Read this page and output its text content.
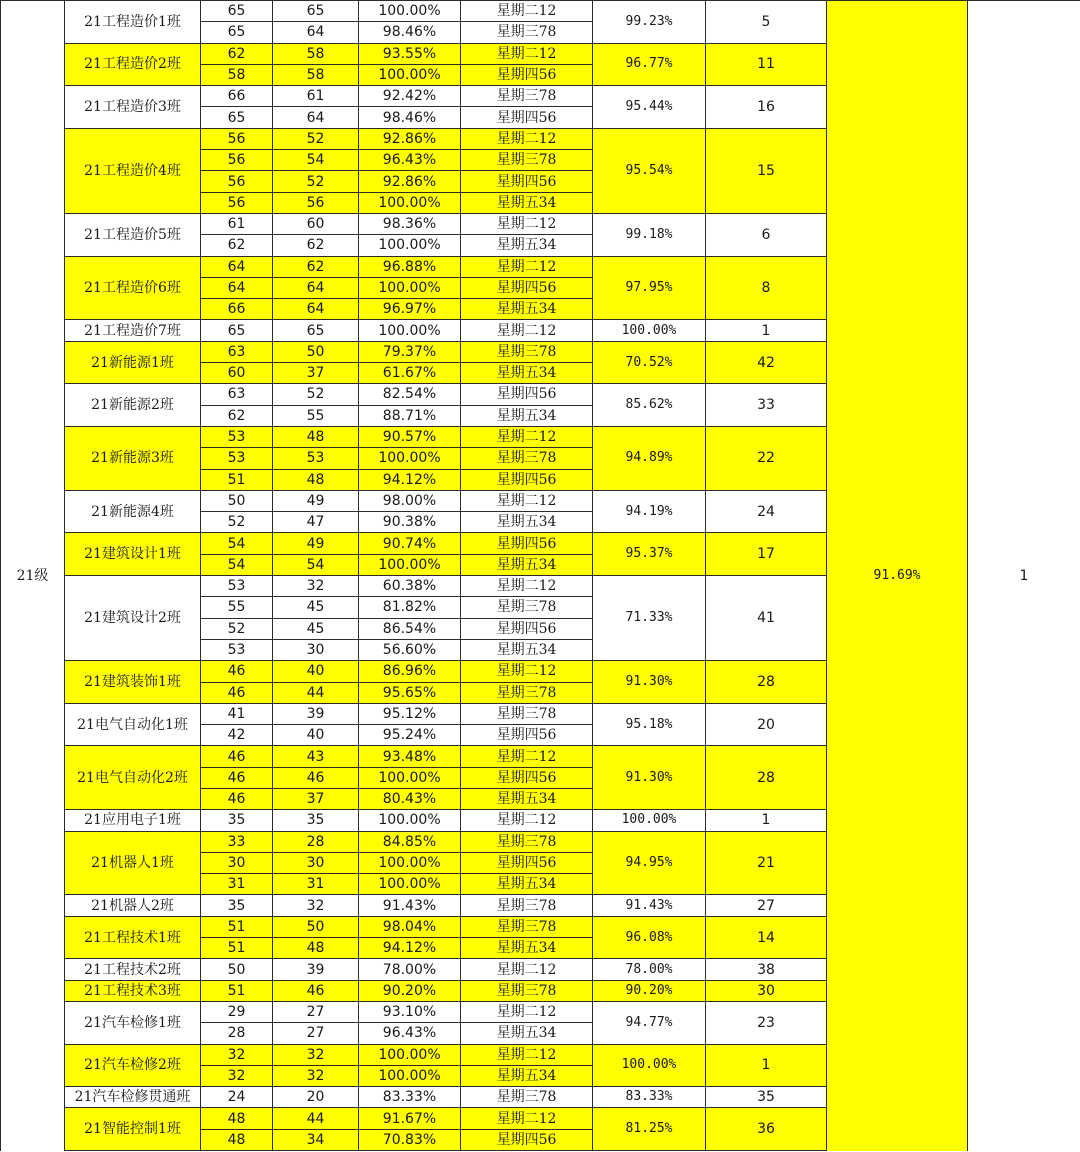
21级	21工程造价1班	65	65	100.00%	星期二12	99.23%	5	91.69%	1
		65	64	98.46%	星期三78				
	21工程造价2班	62	58	93.55%	星期二12	96.77%	11		
		58	58	100.00%	星期四56				
	21工程造价3班	66	61	92.42%	星期三78	95.44%	16		
		65	64	98.46%	星期四56				
	21工程造价4班	56	52	92.86%	星期二12	95.54%	15		
		56	54	96.43%	星期三78				
		56	52	92.86%	星期四56				
		56	56	100.00%	星期五34				
	21工程造价5班	61	60	98.36%	星期二12	99.18%	6		
		62	62	100.00%	星期五34				
	21工程造价6班	64	62	96.88%	星期二12	97.95%	8		
		64	64	100.00%	星期四56				
		66	64	96.97%	星期五34				
	21工程造价7班	65	65	100.00%	星期二12	100.00%	1		
	21新能源1班	63	50	79.37%	星期三78	70.52%	42		
		60	37	61.67%	星期五34				
	21新能源2班	63	52	82.54%	星期四56	85.62%	33		
		62	55	88.71%	星期五34				
	21新能源3班	53	48	90.57%	星期二12	94.89%	22		
		53	53	100.00%	星期三78				
		51	48	94.12%	星期四56				
	21新能源4班	50	49	98.00%	星期二12	94.19%	24		
		52	47	90.38%	星期五34				
	21建筑设计1班	54	49	90.74%	星期四56	95.37%	17		
		54	54	100.00%	星期五34				
	21建筑设计2班	53	32	60.38%	星期二12	71.33%	41		
		55	45	81.82%	星期三78				
		52	45	86.54%	星期四56				
		53	30	56.60%	星期五34				
	21建筑装饰1班	46	40	86.96%	星期二12	91.30%	28		
		46	44	95.65%	星期三78				
	21电气自动化1班	41	39	95.12%	星期三78	95.18%	20		
		42	40	95.24%	星期四56				
	21电气自动化2班	46	43	93.48%	星期二12	91.30%	28		
		46	46	100.00%	星期四56				
		46	37	80.43%	星期五34				
	21应用电子1班	35	35	100.00%	星期二12	100.00%	1		
	21机器人1班	33	28	84.85%	星期三78	94.95%	21		
		30	30	100.00%	星期四56				
		31	31	100.00%	星期五34				
	21机器人2班	35	32	91.43%	星期三78	91.43%	27		
	21工程技术1班	51	50	98.04%	星期三78	96.08%	14		
		51	48	94.12%	星期五34				
	21工程技术2班	50	39	78.00%	星期二12	78.00%	38		
	21工程技术3班	51	46	90.20%	星期三78	90.20%	30		
	21汽车检修1班	29	27	93.10%	星期二12	94.77%	23		
		28	27	96.43%	星期五34				
	21汽车检修2班	32	32	100.00%	星期二12	100.00%	1		
		32	32	100.00%	星期五34				
	21汽车检修贯通班	24	20	83.33%	星期三78	83.33%	35		
	21智能控制1班	48	44	91.67%	星期二12	81.25%	36		
		48	34	70.83%	星期四56				
